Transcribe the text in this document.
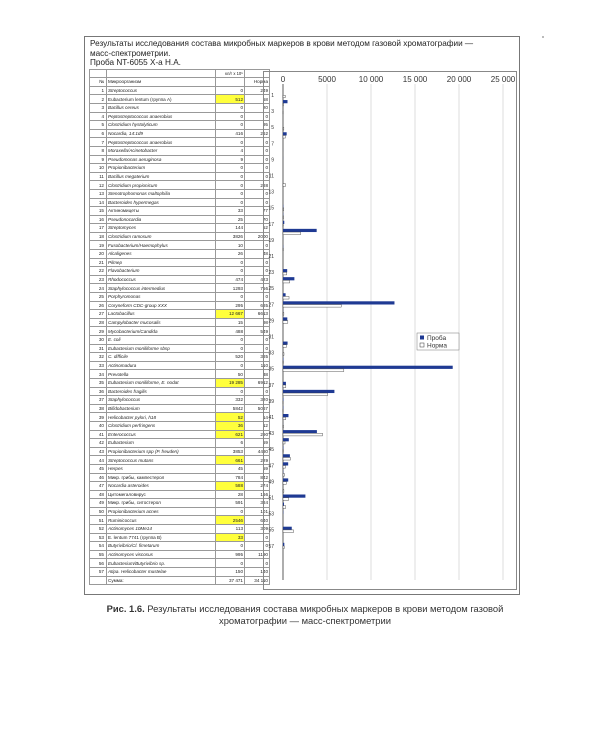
Результаты исследования состава микробных маркеров в крови методом газовой хроматографии —
масс-спектрометрии.
Проба NT-6055 Х-а Н.А.
		кл/г х 10⁵	
№	Микроорганизм		Норма
1	Streptococcus	0	249
2	Eubacterium lentum (группа А)	512	58
3	Bacillus cereus	0	20
4	Peptostreptococcus anaerobius	0	0
5	Clostridium hystolyticum	0	95
6	Nocardia, 14:1d9	416	262
7	Peptostreptococcus anaerobius	0	0
8	Moraxella/Acinetobacter	4	0
9	Pseudomonas aeruginosa	9	0
10	Propionibacterium	0	0
11	Bacillus megaterium	0	0
12	Clostridium propionicum	0	288
13	Stenotrophomonas maltophilia	0	0
14	Bacteroides hypermegas	0	0
15	Актиномицеты	33	77
16	Pseudonocardia	25	70
17	Streptomyces	144	52
18	Clostridium ramosum	3826	2000
19	Fusobacterium/Haemophylus	10	0
20	Alcaligenes	26	48
21	Pilmep	0	0
22	Flavobacterium	0	0
23	Rhodococcus	474	423
24	Staphylococcus intermedius	1293	756
25	Porphyromonas	0	0
26	Coryneform CDC-group XXX	295	685
27	Lactobacillus	12 667	6613
28	Campylobacter mucosalis	15	98
29	Mycobacterium/Candida	488	549
30	E. coli	0	0
31	Eubacterium moniliforme sbsp	0	0
32	C. difficile	520	385
33	Actinomadura	0	110
34	Prevotella	50	38
35	Eubacterium moniliforme, E. nodat	19 285	6912
36	Bacteroides fragilis	0	0
37	Staphylococcus	332	320
38	Bifidobacterium	5842	5067
39	Helicobacter pylori, h18	52	14
40	Clostridium perfringens	36	12
41	Enterococcus	621	290
42	Eubacterium	6	59
43	Propionibacterium spp (P. freuden)	3853	4480
44	Streptococcus mutans	661	229
45	Herpes	45	59
46	Микр. грибы, кампестерол	784	842
47	Nocardia asteroides	588	274
48	Цитомегаловирус	28	166
49	Микр. грибы, ситостерол	591	384
50	Propionibacterium acnes	0	101
51	Ruminicoccus	2546	640
52	Actinomyces 10Me14	113	309
53	E. lentum 7741 (группа В)	33	0
54	Butyrivibrio/Cl. fimetarum	0	0
55	Actinomyces viscosus	995	1190
56	Eubacterium/Butyrivibrio sp.	0	0
57	Atipa. Helicobacter mustelae	150	140
	Сумма:	37 471	34 110
0	5000	10 000 15 000 20 000 25 000
1
3
5
7
9
11
13
15
17
19
21
23
25
27
29
31
33
35
37
39
41
43
45
47
49
51
53
55
57
Проба
Норма
Рис. 1.6. Результаты исследования состава микробных маркеров в крови методом газовой хроматографии — масс-спектрометрии
